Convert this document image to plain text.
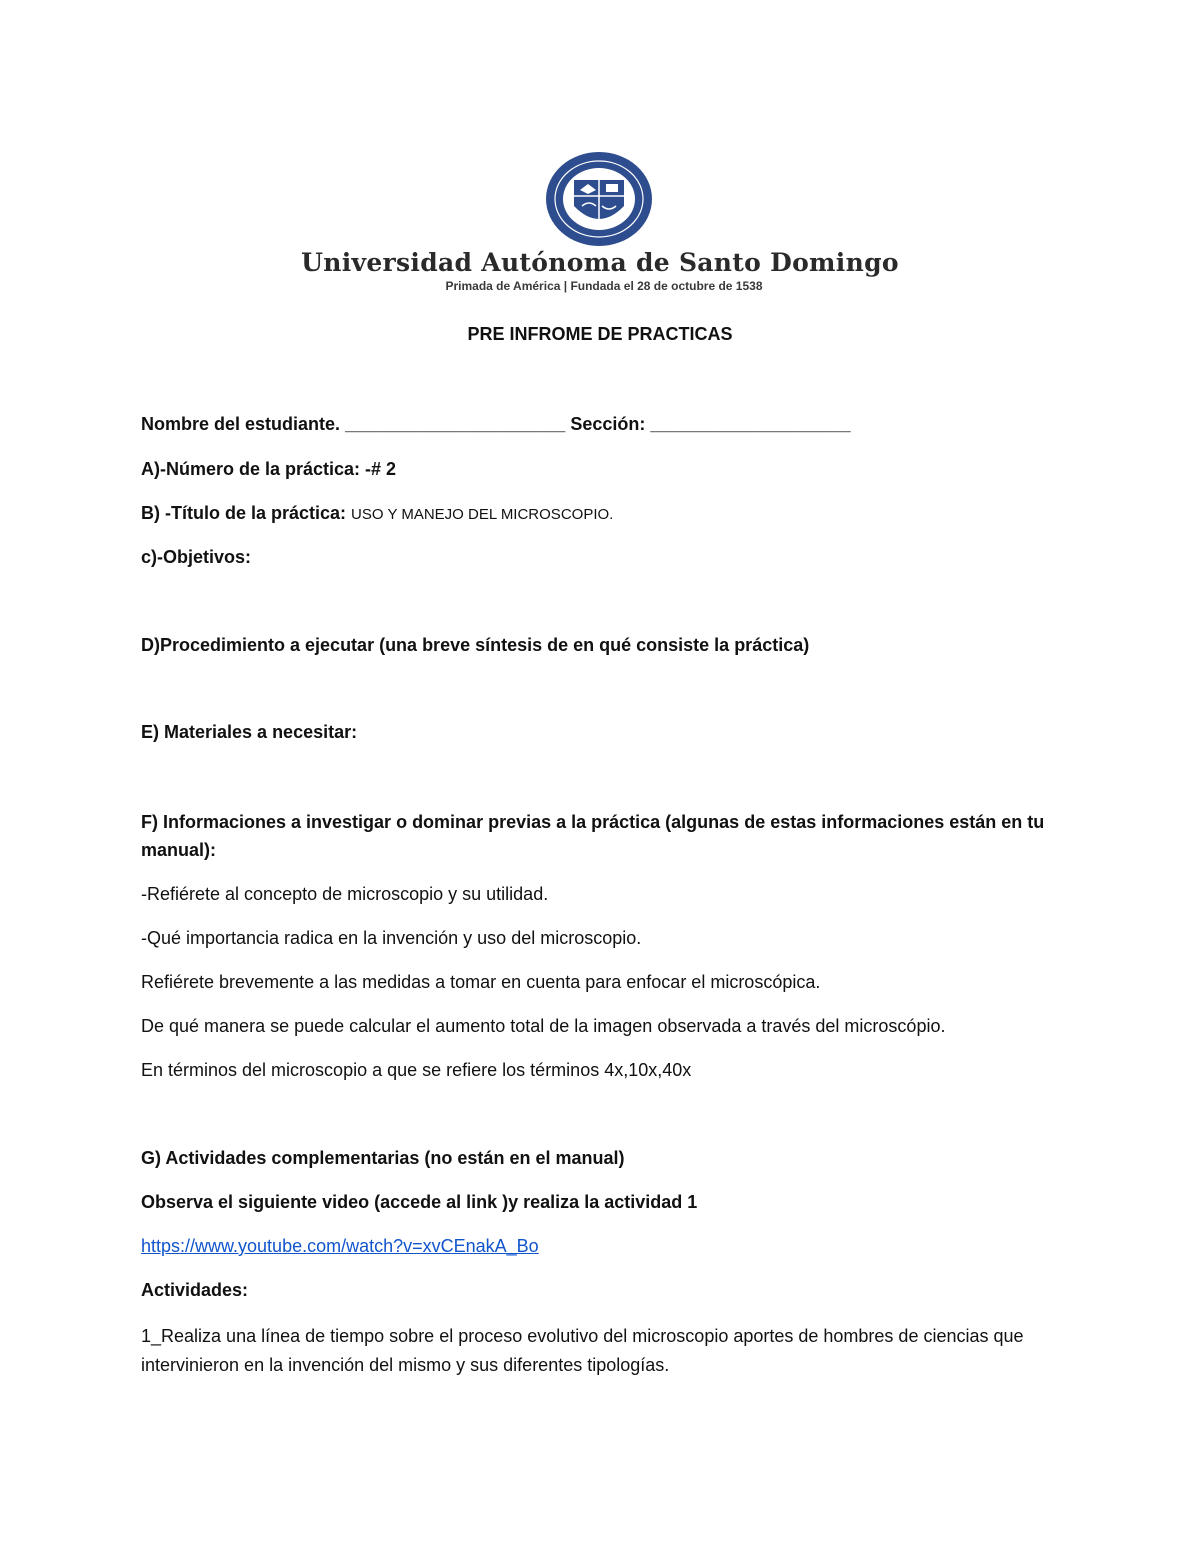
Universidad Autónoma de Santo Domingo
Primada de América | Fundada el 28 de octubre de 1538
PRE INFROME DE PRACTICAS
Nombre del estudiante. ______________________ Sección: ____________________
A)-Número de la práctica: -# 2
B) -Título de la práctica: USO Y MANEJO DEL MICROSCOPIO.
c)-Objetivos:
D)Procedimiento a ejecutar (una breve síntesis de en qué consiste la práctica)
E) Materiales a necesitar:
F) Informaciones a investigar o dominar previas a la práctica (algunas de estas informaciones están en tu manual):
-Refiérete al concepto de microscopio y su utilidad.
-Qué importancia radica en la invención y uso del microscopio.
Refiérete brevemente a las medidas a tomar en cuenta para enfocar el microscópica.
De qué manera se puede calcular el aumento total de la imagen observada a través del microscópio.
En términos del microscopio a que se refiere los términos 4x,10x,40x
G) Actividades complementarias (no están en el manual)
Observa el siguiente video (accede al link )y realiza la actividad 1
https://www.youtube.com/watch?v=xvCEnakA_Bo
Actividades:
1_Realiza una línea de tiempo sobre el proceso evolutivo del microscopio aportes de hombres de ciencias que intervinieron en la invención del mismo y sus diferentes tipologías.
